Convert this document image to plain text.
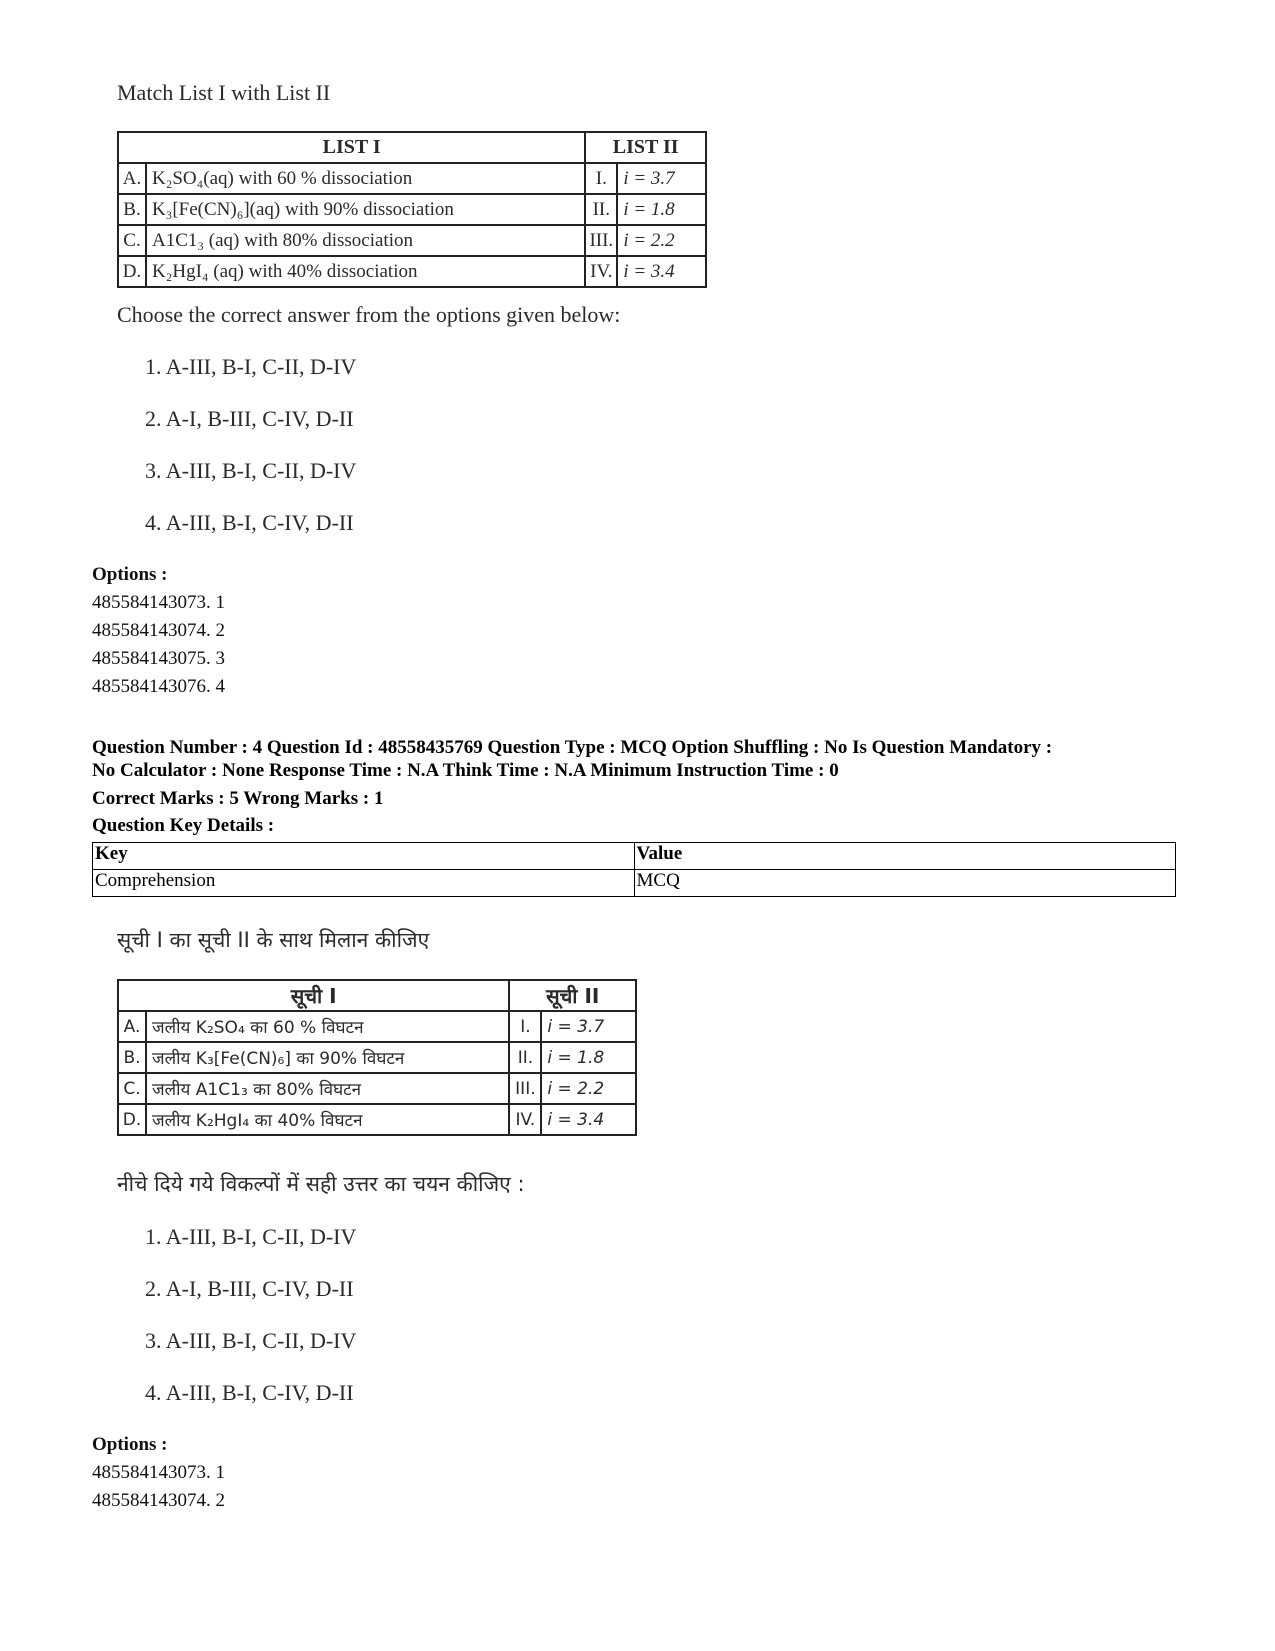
Match List I with List II
LIST I		LIST II	
A.	K₂SO₄(aq) with 60 % dissociation	I.	i = 3.7
B.	K₃[Fe(CN)₆](aq) with 90% dissociation	II.	i = 1.8
C.	A1C1₃ (aq) with 80% dissociation	III.	i = 2.2
D.	K₂HgI₄ (aq) with 40% dissociation	IV.	i = 3.4
Choose the correct answer from the options given below:
1. A-III, B-I, C-II, D-IV
2. A-I, B-III, C-IV, D-II
3. A-III, B-I, C-II, D-IV
4. A-III, B-I, C-IV, D-II
Options :
485584143073. 1
485584143074. 2
485584143075. 3
485584143076. 4
Question Number : 4 Question Id : 48558435769 Question Type : MCQ Option Shuffling : No Is Question Mandatory :
No Calculator : None Response Time : N.A Think Time : N.A Minimum Instruction Time : 0
Correct Marks : 5 Wrong Marks : 1
Question Key Details :
Key	Value
Comprehension	MCQ
सूची I का सूची II के साथ मिलान कीजिए
सूची I		सूची II	
A.	जलीय K₂SO₄ का 60 % विघटन	I.	i = 3.7
B.	जलीय K₃[Fe(CN)₆] का 90% विघटन	II.	i = 1.8
C.	जलीय A1C1₃ का 80% विघटन	III.	i = 2.2
D.	जलीय K₂HgI₄ का 40% विघटन	IV.	i = 3.4
नीचे दिये गये विकल्पों में सही उत्तर का चयन कीजिए :
1. A-III, B-I, C-II, D-IV
2. A-I, B-III, C-IV, D-II
3. A-III, B-I, C-II, D-IV
4. A-III, B-I, C-IV, D-II
Options :
485584143073. 1
485584143074. 2
